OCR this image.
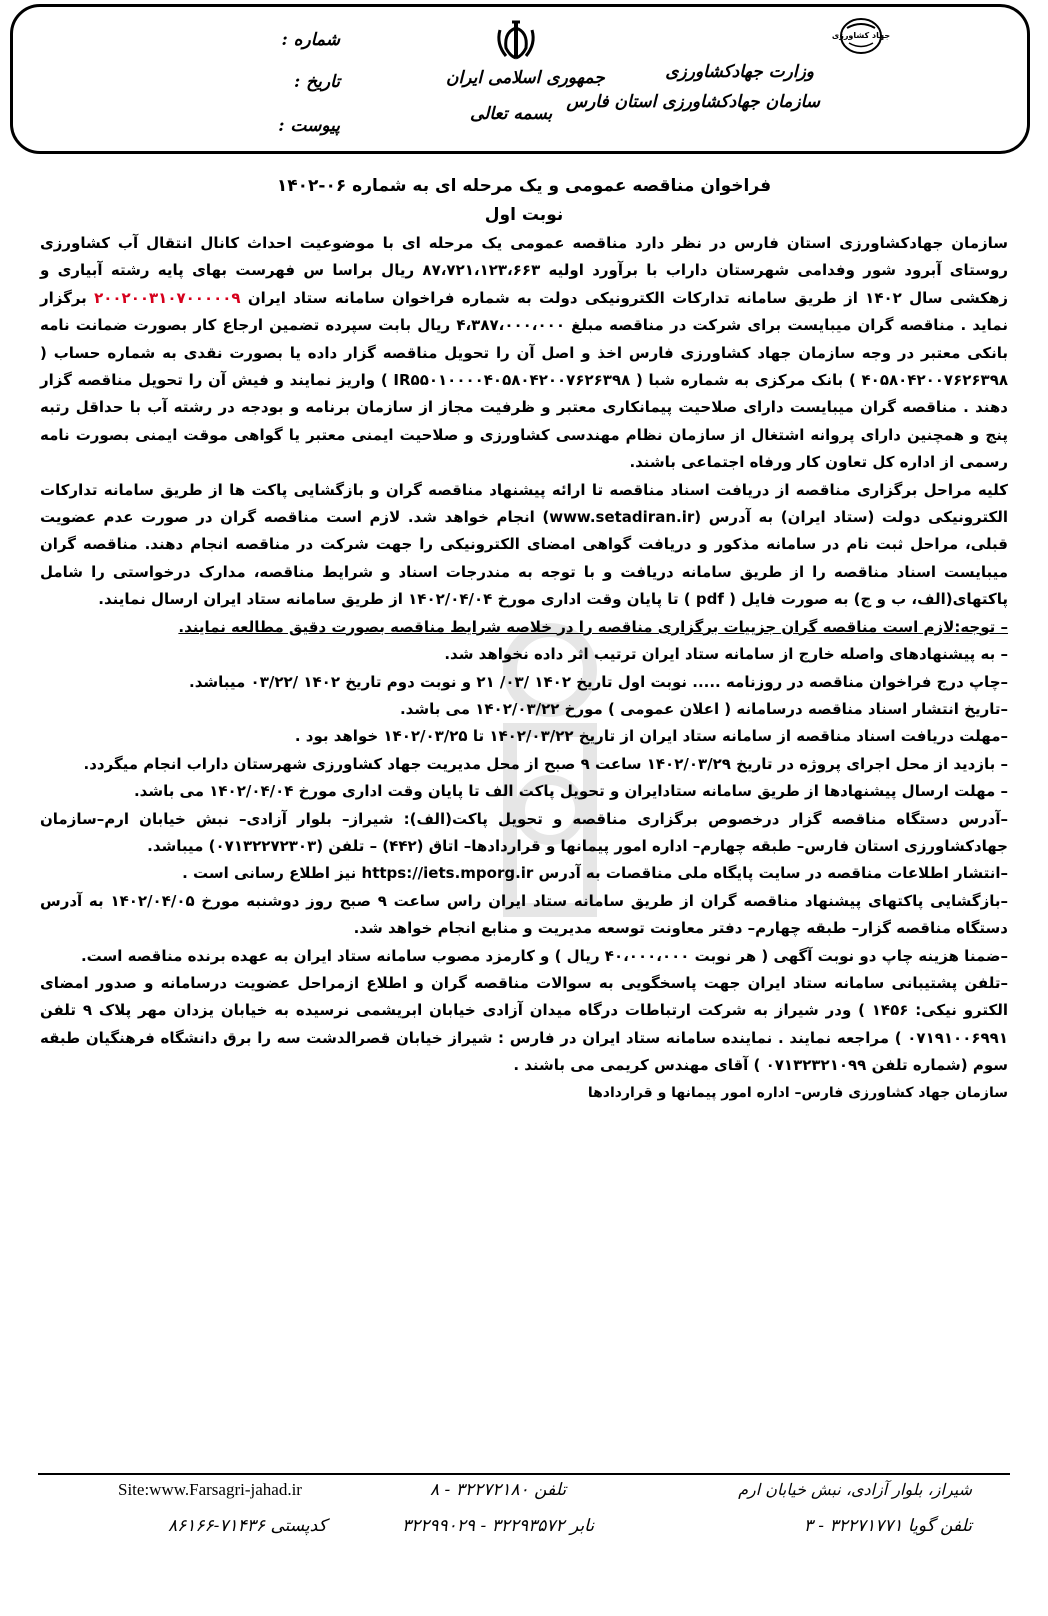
جهاد کشاورزی
وزارت جهادکشاورزی
سازمان جهادکشاورزی استان فارس
جمهوری اسلامی ایران
بسمه تعالی
شماره :
تاریخ :
پیوست :
فراخوان مناقصه عمومی و یک مرحله ای به شماره ۰۶-۱۴۰۲
نوبت اول

سازمان جهادکشاورزی استان فارس در نظر دارد مناقصه عمومی یک مرحله ای با موضوعیت احداث کانال انتقال آب کشاورزی روستای آبرود شور وفدامی شهرستان داراب با برآورد اولیه ۸۷،۷۲۱،۱۲۳،۶۶۳ ریال براسا س فهرست بهای پایه رشته آبیاری و زهکشی سال ۱۴۰۲ از طریق سامانه تدارکات الکترونیکی دولت به شماره فراخوان سامانه ستاد ایران ۲۰۰۲۰۰۳۱۰۷۰۰۰۰۰۹ برگزار نماید . مناقصه گران میبایست برای شرکت در مناقصه مبلغ ۴،۳۸۷،۰۰۰،۰۰۰ ریال بابت سپرده تضمین ارجاع کار بصورت ضمانت نامه بانکی معتبر در وجه سازمان جهاد کشاورزی فارس اخذ و اصل آن را تحویل مناقصه گزار داده یا بصورت نقدی به شماره حساب ( ۴۰۵۸۰۴۲۰۰۷۶۲۶۳۹۸ ) بانک مرکزی به شماره شبا ( IR۵۵۰۱۰۰۰۰۴۰۵۸۰۴۲۰۰۷۶۲۶۳۹۸ ) واریز نمایند و فیش آن را تحویل مناقصه گزار دهند . مناقصه گران میبایست دارای صلاحیت پیمانکاری معتبر و ظرفیت مجاز از سازمان برنامه و بودجه در رشته آب با حداقل رتبه پنج و همچنین دارای پروانه اشتغال از سازمان نظام مهندسی کشاورزی و صلاحیت ایمنی معتبر یا گواهی موقت ایمنی بصورت نامه رسمی از اداره کل تعاون کار ورفاه اجتماعی باشند.

کلیه مراحل برگزاری مناقصه از دریافت اسناد مناقصه تا ارائه پیشنهاد مناقصه گران و بازگشایی پاکت ها از طریق سامانه تدارکات الکترونیکی دولت (ستاد ایران) به آدرس (www.setadiran.ir) انجام خواهد شد. لازم است مناقصه گران در صورت عدم عضویت قبلی، مراحل ثبت نام در سامانه مذکور و دریافت گواهی امضای الکترونیکی را جهت شرکت در مناقصه انجام دهند. مناقصه گران میبایست اسناد مناقصه را از طریق سامانه دریافت و با توجه به مندرجات اسناد و شرایط مناقصه، مدارک درخواستی را شامل پاکتهای(الف، ب و ج) به صورت فایل ( pdf ) تا پایان وقت اداری مورخ ۱۴۰۲/۰۴/۰۴ از طریق سامانه ستاد ایران ارسال نمایند.

– توجه:لازم است مناقصه گران جزییات برگزاری مناقصه را در خلاصه شرایط مناقصه بصورت دقیق مطالعه نمایند.

– به پیشنهادهای واصله خارج از سامانه ستاد ایران ترتیب اثر داده نخواهد شد.

–چاپ درج فراخوان مناقصه در روزنامه ..... نوبت اول تاریخ ۱۴۰۲ /۰۳/ ۲۱ و نوبت دوم تاریخ ۱۴۰۲ /۰۳/۲۲ میباشد.

–تاریخ انتشار اسناد مناقصه درسامانه ( اعلان عمومی ) مورخ ۱۴۰۲/۰۳/۲۲ می باشد.

–مهلت دریافت اسناد مناقصه از سامانه ستاد ایران از تاریخ ۱۴۰۲/۰۳/۲۲ تا ۱۴۰۲/۰۳/۲۵ خواهد بود .

– بازدید از محل اجرای پروژه در تاریخ ۱۴۰۲/۰۳/۲۹ ساعت ۹ صبح از محل مدیریت جهاد کشاورزی شهرستان داراب انجام میگردد.

– مهلت ارسال پیشنهادها از طریق سامانه ستادایران و تحویل پاکت الف تا پایان وقت اداری مورخ ۱۴۰۲/۰۴/۰۴ می باشد.

–آدرس دستگاه مناقصه گزار درخصوص برگزاری مناقصه و تحویل پاکت(الف): شیراز– بلوار آزادی– نبش خیابان ارم–سازمان جهادکشاورزی استان فارس– طبقه چهارم– اداره امور پیمانها و قراردادها– اتاق (۴۴۲) – تلفن (۰۷۱۳۲۲۷۲۳۰۳) میباشد.

–انتشار اطلاعات مناقصه در سایت پایگاه ملی مناقصات به آدرس https://iets.mporg.ir نیز اطلاع رسانی است .

–بازگشایی پاکتهای پیشنهاد مناقصه گران از طریق سامانه ستاد ایران راس ساعت ۹ صبح روز دوشنبه مورخ ۱۴۰۲/۰۴/۰۵ به آدرس دستگاه مناقصه گزار– طبقه چهارم– دفتر معاونت توسعه مدیریت و منابع انجام خواهد شد.

–ضمنا هزینه چاپ دو نوبت آگهی ( هر نوبت ۴۰،۰۰۰،۰۰۰ ریال ) و کارمزد مصوب سامانه ستاد ایران به عهده برنده مناقصه است.

–تلفن پشتیبانی سامانه ستاد ایران جهت پاسخگویی به سوالات مناقصه گران و اطلاع ازمراحل عضویت درسامانه و صدور امضای الکترو نیکی: ۱۴۵۶ ) ودر شیراز به شرکت ارتباطات درگاه میدان آزادی خیابان ابریشمی نرسیده به خیابان یزدان مهر پلاک ۹ تلفن ۰۷۱۹۱۰۰۶۹۹۱ ) مراجعه نمایند . نماینده سامانه ستاد ایران در فارس : شیراز خیابان قصرالدشت سه را برق دانشگاه فرهنگیان طبقه سوم (شماره تلفن ۰۷۱۳۲۳۲۱۰۹۹ ) آقای مهندس کریمی می باشند .

سازمان جهاد کشاورزی فارس– اداره امور پیمانها و قراردادها

Site:www.Farsagri-jahad.ir	تلفن ۳۲۲۷۲۱۸۰ - ۸	شیراز، بلوار آزادی، نبش خیابان ارم
کدپستی ۷۱۴۳۶-۸۶۱۶۶	نابر ۳۲۲۹۳۵۷۲ - ۳۲۲۹۹۰۲۹	تلفن گویا ۳۲۲۷۱۷۷۱ - ۳
